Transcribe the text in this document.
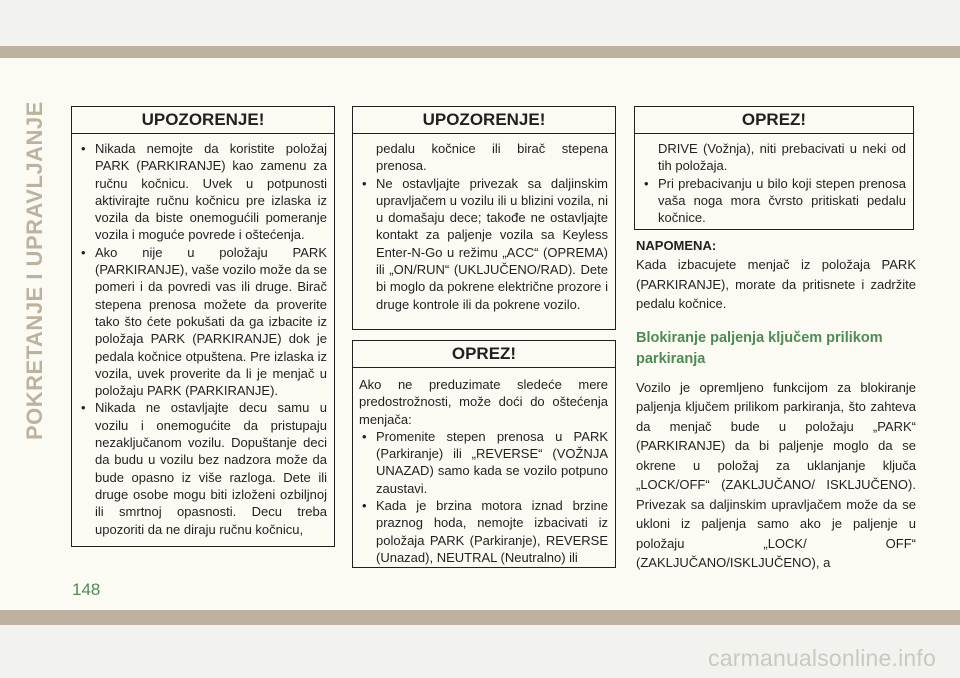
carmanualsonline.info
POKRETANJE I UPRAVLJANJE
148
UPOZORENJE!
• Nikada nemojte da koristite položaj PARK (PARKIRANJE) kao zamenu za ručnu kočnicu. Uvek u potpunosti aktivirajte ručnu kočnicu pre izlaska iz vozila da biste onemogućili pomeranje vozila i moguće povrede i oštećenja.
• Ako nije u položaju PARK (PARKIRANJE), vaše vozilo može da se pomeri i da povredi vas ili druge. Birač stepena prenosa možete da proverite tako što ćete pokušati da ga izbacite iz položaja PARK (PARKIRANJE) dok je pedala kočnice otpuštena. Pre izlaska iz vozila, uvek proverite da li je menjač u položaju PARK (PARKIRANJE).
• Nikada ne ostavljajte decu samu u vozilu i onemogućite da pristupaju nezaključanom vozilu. Dopuštanje deci da budu u vozilu bez nadzora može da bude opasno iz više razloga. Dete ili druge osobe mogu biti izloženi ozbiljnoj ili smrtnoj opasnosti. Decu treba upozoriti da ne diraju ručnu kočnicu,
UPOZORENJE!
pedalu kočnice ili birač stepena prenosa.
• Ne ostavljajte privezak sa daljinskim upravljačem u vozilu ili u blizini vozila, ni u domašaju dece; takođe ne ostavljajte kontakt za paljenje vozila sa Keyless Enter-N-Go u režimu „ACC“ (OPREMA) ili „ON/RUN“ (UKLJUČENO/RAD). Dete bi moglo da pokrene električne prozore i druge kontrole ili da pokrene vozilo.
OPREZ!

Ako ne preduzimate sledeće mere predostrožnosti, može doći do oštećenja menjača:

• Promenite stepen prenosa u PARK (Parkiranje) ili „REVERSE“ (VOŽNJA UNAZAD) samo kada se vozilo potpuno zaustavi.
• Kada je brzina motora iznad brzine praznog hoda, nemojte izbacivati iz položaja PARK (Parkiranje), REVERSE (Unazad), NEUTRAL (Neutralno) ili
OPREZ!
DRIVE (Vožnja), niti prebacivati u neki od tih položaja.
• Pri prebacivanju u bilo koji stepen prenosa vaša noga mora čvrsto pritiskati pedalu kočnice.
NAPOMENA:

Kada izbacujete menjač iz položaja PARK (PARKIRANJE), morate da pritisnete i zadržite pedalu kočnice.

Blokiranje paljenja ključem prilikom parkiranja

Vozilo je opremljeno funkcijom za blokiranje paljenja ključem prilikom parkiranja, što zahteva da menjač bude u položaju „PARK“ (PARKIRANJE) da bi paljenje moglo da se okrene u položaj za uklanjanje ključa „LOCK/OFF“ (ZAKLJUČANO/ ISKLJUČENO). Privezak sa daljinskim upravljačem može da se ukloni iz paljenja samo ako je paljenje u položaju „LOCK/ OFF“ (ZAKLJUČANO/ISKLJUČENO), a
